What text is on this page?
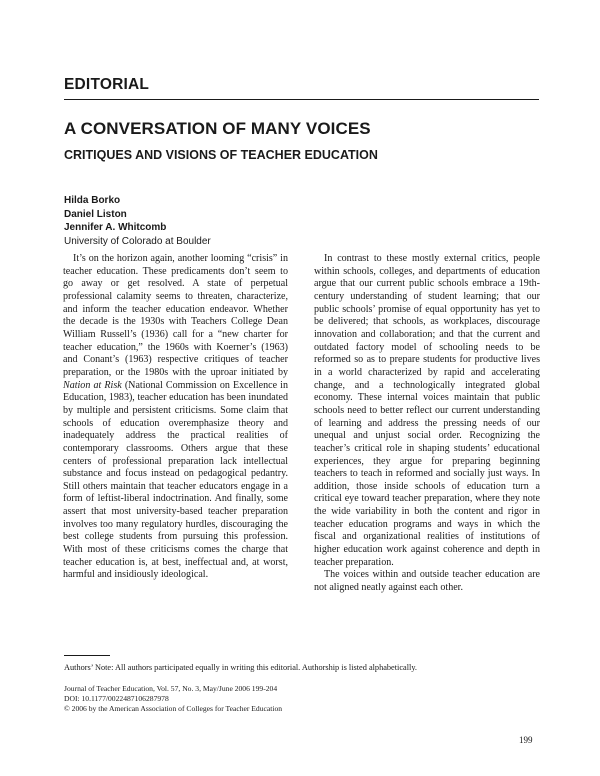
EDITORIAL
A CONVERSATION OF MANY VOICES
CRITIQUES AND VISIONS OF TEACHER EDUCATION
Hilda Borko
Daniel Liston
Jennifer A. Whitcomb
University of Colorado at Boulder

It’s on the horizon again, another looming “crisis” in teacher education. These predicaments don’t seem to go away or get resolved. A state of perpetual professional calamity seems to threaten, characterize, and inform the teacher education endeavor. Whether the decade is the 1930s with Teachers College Dean William Russell’s (1936) call for a “new charter for teacher education,” the 1960s with Koerner’s (1963) and Conant’s (1963) respective critiques of teacher preparation, or the 1980s with the uproar initiated by Nation at Risk (National Commission on Excellence in Education, 1983), teacher education has been inundated by multiple and persistent criticisms. Some claim that schools of education overemphasize theory and inadequately address the practical realities of contemporary classrooms. Others argue that these centers of professional preparation lack intellectual substance and focus instead on pedagogical pedantry. Still others maintain that teacher educators engage in a form of leftist-liberal indoctrination. And finally, some assert that most university-based teacher preparation involves too many regulatory hurdles, discouraging the best college students from pursuing this profession. With most of these criticisms comes the charge that teacher education is, at best, ineffectual and, at worst, harmful and insidiously ideological.

In contrast to these mostly external critics, people within schools, colleges, and departments of education argue that our current public schools embrace a 19th-century understanding of student learning; that our public schools’ promise of equal opportunity has yet to be delivered; that schools, as workplaces, discourage innovation and collaboration; and that the current and outdated factory model of schooling needs to be reformed so as to prepare students for productive lives in a world characterized by rapid and accelerating change, and a technologically integrated global economy. These internal voices maintain that public schools need to better reflect our current understanding of learning and address the pressing needs of our unequal and unjust social order. Recognizing the teacher’s critical role in shaping students’ educational experiences, they argue for preparing beginning teachers to teach in reformed and socially just ways. In addition, those inside schools of education turn a critical eye toward teacher preparation, where they note the wide variability in both the content and rigor in teacher education programs and ways in which the fiscal and organizational realities of institutions of higher education work against coherence and depth in teacher preparation.

The voices within and outside teacher education are not aligned neatly against each other.

Authors’ Note: All authors participated equally in writing this editorial. Authorship is listed alphabetically.
Journal of Teacher Education, Vol. 57, No. 3, May/June 2006 199-204
DOI: 10.1177/0022487106287978
© 2006 by the American Association of Colleges for Teacher Education
199
